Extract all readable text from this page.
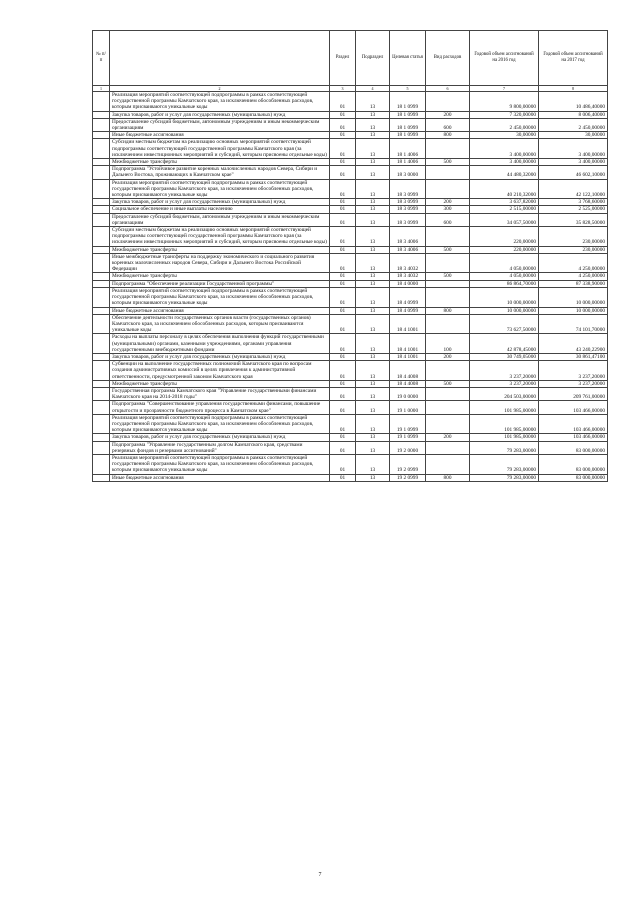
№ п/п		Раздел	Подраздел	Целевая статья	Вид расходов	Годовой объем ассигнований на 2016 год	Годовой объем ассигнований на 2017 год
1	2	3	4	5	6	7	8
	Реализация мероприятий соответствующей подпрограммы в рамках соответствующей государственной программы Камчатского края, за исключением обособленных расходов, которым присваиваются уникальные коды	01	13	18 1 0999		9 800,00000	10 486,40000
	Закупка товаров, работ и услуг для государственных (муниципальных) нужд	01	13	18 1 0999	200	7 320,00000	8 006,40000
	Предоставление субсидий бюджетным, автономным учреждениям и иным некоммерческим организациям	01	13	18 1 0999	600	2 450,00000	2 450,00000
	Иные бюджетные ассигнования	01	13	18 1 0999	800	30,00000	30,00000
	Субсидии местным бюджетам на реализацию основных мероприятий соответствующей подпрограммы соответствующей государственной программы Камчатского края (за исключением инвестиционных мероприятий и субсидий, которым присвоены отдельные коды)	01	13	18 1 4006		3 400,00000	3 400,00000
	Межбюджетные трансферты	01	13	18 1 4006	500	3 400,00000	3 400,00000
	Подпрограмма "Устойчивое развитие коренных малочисленных народов Севера, Сибири и Дальнего Востока, проживающих в Камчатском крае"	01	13	18 3 0000		44 480,32000	46 602,10000
	Реализация мероприятий соответствующей подпрограммы в рамках соответствующей государственной программы Камчатского края, за исключением обособленных расходов, которым присваиваются уникальные коды	01	13	18 3 0999		40 210,32000	42 122,10000
	Закупка товаров, работ и услуг для государственных (муниципальных) нужд	01	13	18 3 0999	200	3 637,82000	3 768,60000
	Социальное обеспечение и иные выплаты населению	01	13	18 3 0999	300	2 515,00000	2 525,00000
	Предоставление субсидий бюджетным, автономным учреждениям и иным некоммерческим организациям	01	13	18 3 0999	600	34 057,50000	35 828,50000
	Субсидии местным бюджетам на реализацию основных мероприятий соответствующей подпрограммы соответствующей государственной программы Камчатского края (за исключением инвестиционных мероприятий и субсидий, которым присвоены отдельные коды)	01	13	18 3 4006		220,00000	230,00000
	Межбюджетные трансферты	01	13	18 3 4006	500	220,00000	230,00000
	Иные межбюджетные трансферты на поддержку экономического и социального развития коренных малочисленных народов Севера, Сибири и Дальнего Востока Российской Федерации	01	13	18 3 4032		4 050,00000	4 250,00000
	Межбюджетные трансферты	01	13	18 3 4032	500	4 050,00000	4 250,00000
	Подпрограмма "Обеспечение реализации Государственной программы"	01	13	18 4 0000		86 864,70000	87 338,90000
	Реализация мероприятий соответствующей подпрограммы в рамках соответствующей государственной программы Камчатского края, за исключением обособленных расходов, которым присваиваются уникальные коды	01	13	18 4 0999		10 000,00000	10 000,00000
	Иные бюджетные ассигнования	01	13	18 4 0999	800	10 000,00000	10 000,00000
	Обеспечение деятельности государственных органов власти (государственных органов) Камчатского края, за исключением обособленных расходов, которым присваиваются уникальные коды	01	13	18 4 1001		73 627,50000	74 101,70000
	Расходы на выплаты персоналу в целях обеспечения выполнения функций государственными (муниципальными) органами, казенными учреждениями, органами управления государственными внебюджетными фондами	01	13	18 4 1001	100	42 878,45000	43 240,22900
	Закупка товаров, работ и услуг для государственных (муниципальных) нужд	01	13	18 4 1001	200	30 749,05000	30 861,47100
	Субвенции на выполнение государственных полномочий Камчатского края по вопросам создания административных комиссий в целях привлечения к административной ответственности, предусмотренной законом Камчатского края	01	13	18 4 4008		3 237,20000	3 237,20000
	Межбюджетные трансферты	01	13	18 4 4008	500	3 237,20000	3 237,20000
	Государственная программа Камчатского края "Управление государственными финансами Камчатского края на 2014-2018 годы"	01	13	19 0 0000		204 503,00000	209 761,00000
	Подпрограмма "Совершенствование управления государственными финансами, повышение открытости и прозрачности бюджетного процесса в Камчатском крае"	01	13	19 1 0000		101 985,00000	103 466,00000
	Реализация мероприятий соответствующей подпрограммы в рамках соответствующей государственной программы Камчатского края, за исключением обособленных расходов, которым присваиваются уникальные коды	01	13	19 1 0999		101 985,00000	103 466,00000
	Закупка товаров, работ и услуг для государственных (муниципальных) нужд	01	13	19 1 0999	200	101 985,00000	103 466,00000
	Подпрограмма "Управление государственным долгом Камчатского края, средствами резервных фондов и резервами ассигнований"	01	13	19 2 0000		79 283,00000	83 000,00000
	Реализация мероприятий соответствующей подпрограммы в рамках соответствующей государственной программы Камчатского края, за исключением обособленных расходов, которым присваиваются уникальные коды	01	13	19 2 0999		79 283,00000	83 000,00000
	Иные бюджетные ассигнования	01	13	19 2 0999	800	79 283,00000	83 000,00000
7
